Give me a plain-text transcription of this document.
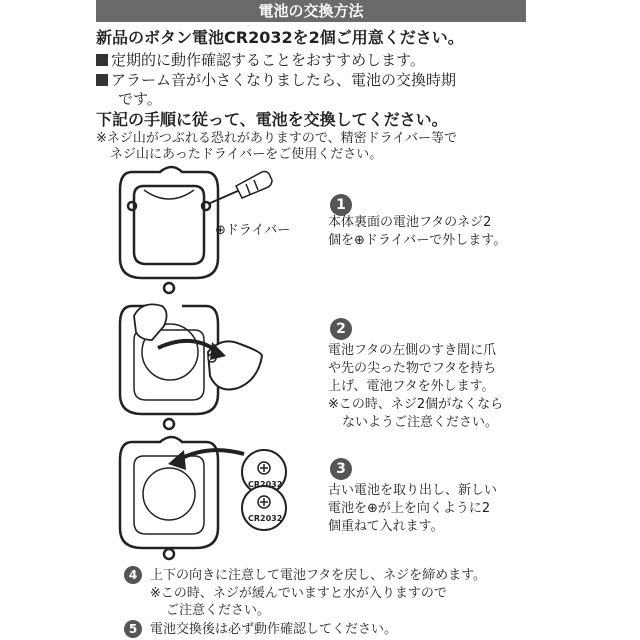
電池の交換方法
新品のボタン電池CR2032を2個ご用意ください。
定期的に動作確認することをおすすめします。
アラーム音が小さくなりましたら、電池の交換時期
です。
下記の手順に従って、電池を交換してください。
※ネジ山がつぶれる恐れがありますので、精密ドライバー等で
ネジ山にあったドライバーをご使用ください。
⊕ドライバー
1
本体裏面の電池フタのネジ2
個を⊕ドライバーで外します。
2
電池フタの左側のすき間に爪
や先の尖った物でフタを持ち
上げ、電池フタを外します。
※この時、ネジ2個がなくなら
ないようご注意ください。
CR2032
CR2032
3
古い電池を取り出し、新しい
電池を⊕が上を向くように2
個重ねて入れます。
4 上下の向きに注意して電池フタを戻し、ネジを締めます。
※この時、ネジが緩んでいますと水が入りますので
ご注意ください。
5 電池交換後は必ず動作確認してください。
